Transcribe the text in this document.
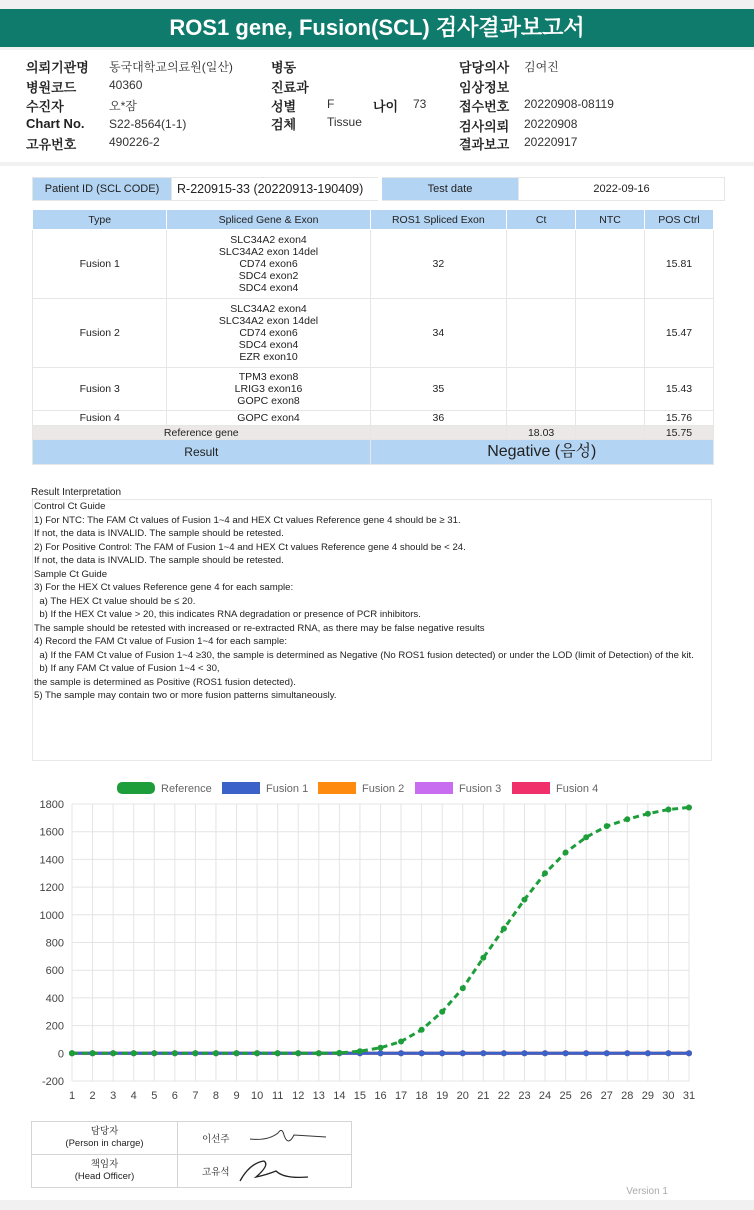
ROS1 gene, Fusion(SCL) 검사결과보고서
의뢰기관명 동국대학교의료원(일산)	병동	담당의사 김여진
병원코드	40360	진료과	임상정보
수진자	오*잠	성별	F	나이 73	접수번호 20220908-08119
Chart No. S22-8564(1-1)	검체	Tissue	검사의뢰 20220908
고유번호	490226-2	결과보고 20220917
Patient ID (SCL CODE)	R-220915-33 (20220913-190409)	Test date	2022-09-16
Type	Spliced Gene & Exon	ROS1 Spliced Exon	Ct	NTC	POS Ctrl
Fusion 1	SLC34A2 exon4
SLC34A2 exon 14del
CD74 exon6
SDC4 exon2
SDC4 exon4	32			15.81
Fusion 2	SLC34A2 exon4
SLC34A2 exon 14del
CD74 exon6
SDC4 exon4
EZR exon10	34			15.47
Fusion 3	TPM3 exon8
LRIG3 exon16
GOPC exon8	35			15.43
Fusion 4	GOPC exon4	36			15.76
Reference gene			18.03		15.75
Result		Negative (음성)			
Result Interpretation
Control Ct Guide
1) For NTC: The FAM Ct values of Fusion 1~4 and HEX Ct values Reference gene 4 should be ≥ 31.
If not, the data is INVALID. The sample should be retested.
2) For Positive Control: The FAM of Fusion 1~4 and HEX Ct values Reference gene 4 should be < 24.
If not, the data is INVALID. The sample should be retested.
Sample Ct Guide
3) For the HEX Ct values Reference gene 4 for each sample:
a) The HEX Ct value should be ≤ 20.
b) If the HEX Ct value > 20, this indicates RNA degradation or presence of PCR inhibitors.
The sample should be retested with increased or re-extracted RNA, as there may be false negative results
4) Record the FAM Ct value of Fusion 1~4 for each sample:
a) If the FAM Ct value of Fusion 1~4 ≥30, the sample is determined as Negative (No ROS1 fusion detected) or under the LOD (limit of Detection) of the kit.
b) If any FAM Ct value of Fusion 1~4 < 30,
the sample is determined as Positive (ROS1 fusion detected).
5) The sample may contain two or more fusion patterns simultaneously.
-200
0
200
400
600
800
1000
1200
1400
1600
1800
1 2 3 4 5 6 7 8 9 10 11 12 13 14 15 16 17 18 19 20 21 22 23 24 25 26 27 28 29 30 31
Reference	Fusion 1	Fusion 2	Fusion 3	Fusion 4
담당자
(Person in charge)	이선주

책임자
(Head Officer)	고유석
Version 1
